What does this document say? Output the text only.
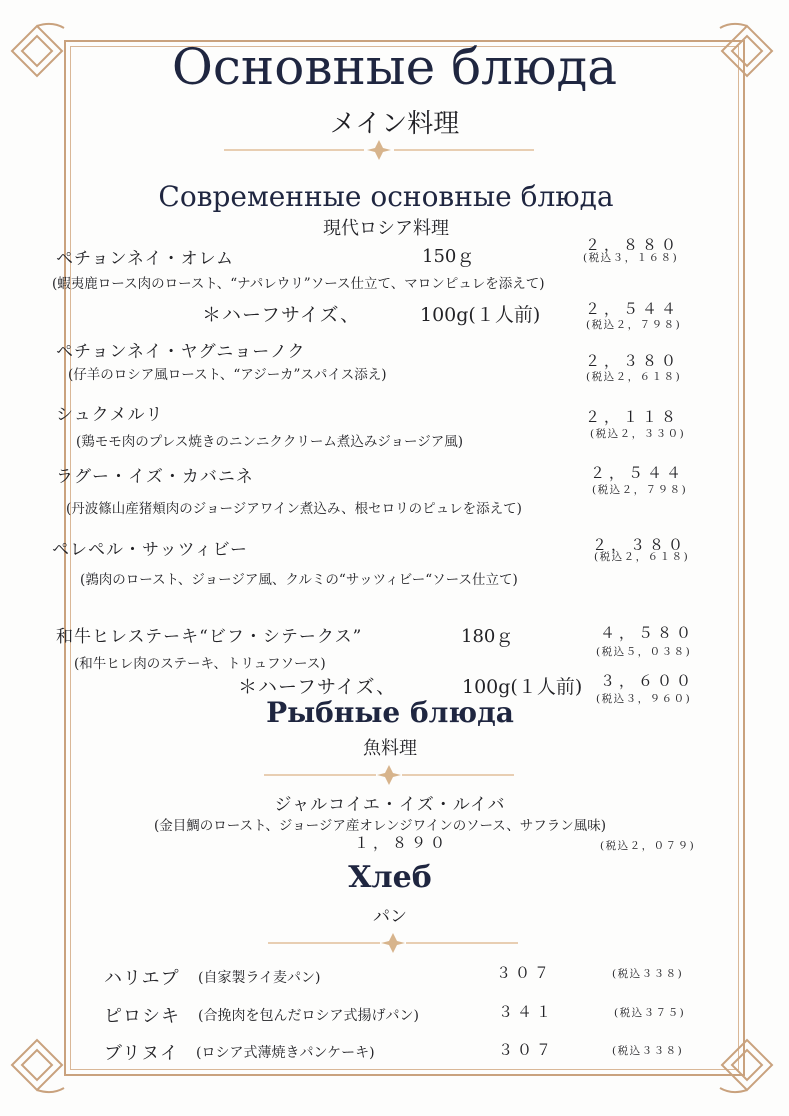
Основные блюда
メイン料理
Современные основные блюда
現代ロシア料理
ペチョンネイ・オレム	150ｇ
２，８８０
(税込３，１６８)
(蝦夷鹿ロース肉のロースト、“ナパレウリ”ソース仕立て、マロンピュレを添えて)
＊ハーフサイズ、	100g(１人前)	２，５４４
(税込２，７９８)
ペチョンネイ・ヤグニョーノク	２，３８０
(税込２，６１８)
(仔羊のロシア風ロースト、“アジーカ”スパイス添え)
シュクメルリ	２，１１８
(税込２，３３０)
(鶏モモ肉のプレス焼きのニンニククリーム煮込みジョージア風)
ラグー・イズ・カバニネ	２，５４４
(税込２，７９８)
(丹波篠山産猪頬肉のジョージアワイン煮込み、根セロリのピュレを添えて)
ペレペル・サッツィビー	２，３８０
(税込２，６１８)
(鶉肉のロースト、ジョージア風、クルミの“サッツィビー“ソース仕立て)
和牛ヒレステーキ“ビフ・シテークス”	180ｇ	４，５８０
(税込５，０３８)
(和牛ヒレ肉のステーキ、トリュフソース)
＊ハーフサイズ、	100g(１人前) ３，６００
(税込３，９６０)
Рыбные блюда
魚料理
ジャルコイエ・イズ・ルイバ
(金目鯛のロースト、ジョージア産オレンジワインのソース、サフラン風味)
１，８９０	(税込２，０７９)
Хлеб
パン
ハリエプ (自家製ライ麦パン)	３０７	(税込３３８)
ピロシキ (合挽肉を包んだロシア式揚げパン)	３４１	(税込３７５)
ブリヌイ (ロシア式薄焼きパンケーキ)	３０７	(税込３３８)
